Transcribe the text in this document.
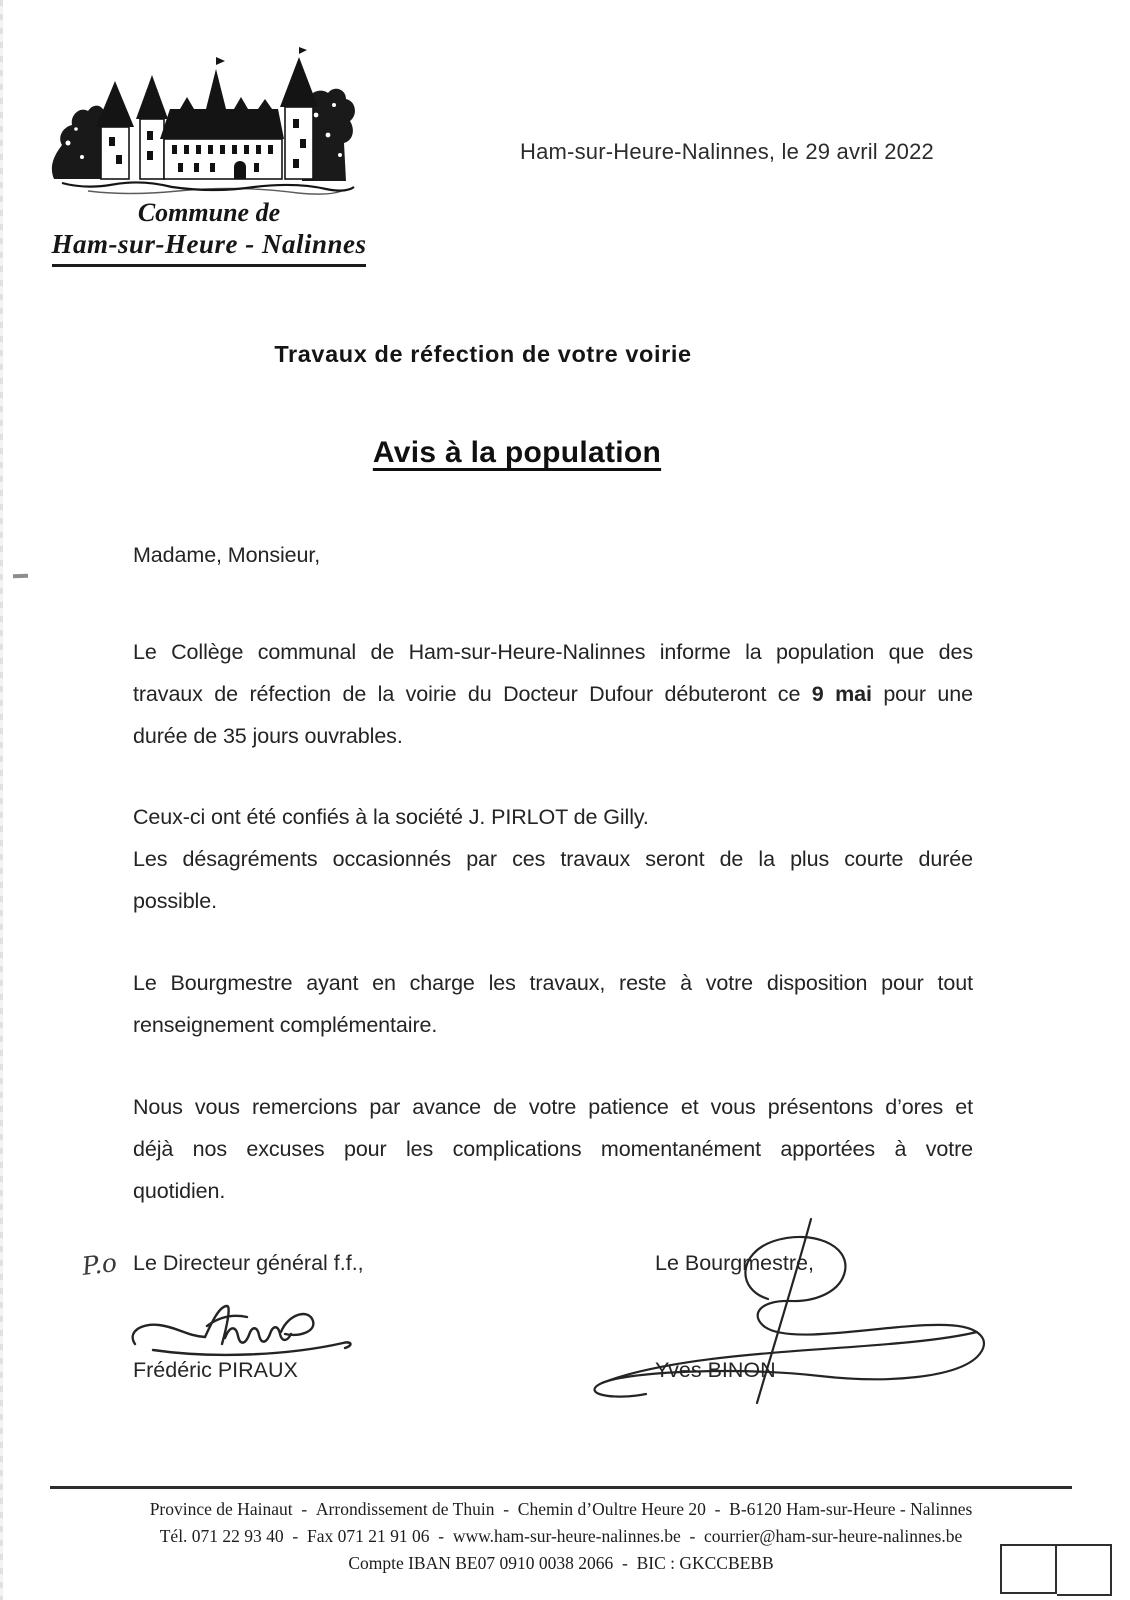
Commune de
Ham-sur-Heure - Nalinnes
Ham-sur-Heure-Nalinnes, le 29 avril 2022
Travaux de réfection de votre voirie
Avis à la population
Madame, Monsieur,
Le Collège communal de Ham-sur-Heure-Nalinnes informe la population que des
travaux de réfection de la voirie du Docteur Dufour débuteront ce 9 mai pour une
durée de 35 jours ouvrables.
Ceux-ci ont été confiés à la société J. PIRLOT de Gilly.
Les désagréments occasionnés par ces travaux seront de la plus courte durée
possible.
Le Bourgmestre ayant en charge les travaux, reste à votre disposition pour tout
renseignement complémentaire.
Nous vous remercions par avance de votre patience et vous présentons d’ores et
déjà nos excuses pour les complications momentanément apportées à votre
quotidien.
P.o Le Directeur général f.f.,
Frédéric PIRAUX
Le Bourgmestre,
Yves BINON
Province de Hainaut  -  Arrondissement de Thuin  -  Chemin d’Oultre Heure 20  -  B-6120 Ham-sur-Heure - Nalinnes
Tél. 071 22 93 40  -  Fax 071 21 91 06  -  www.ham-sur-heure-nalinnes.be  -  courrier@ham-sur-heure-nalinnes.be
Compte IBAN BE07 0910 0038 2066  -  BIC : GKCCBEBB
